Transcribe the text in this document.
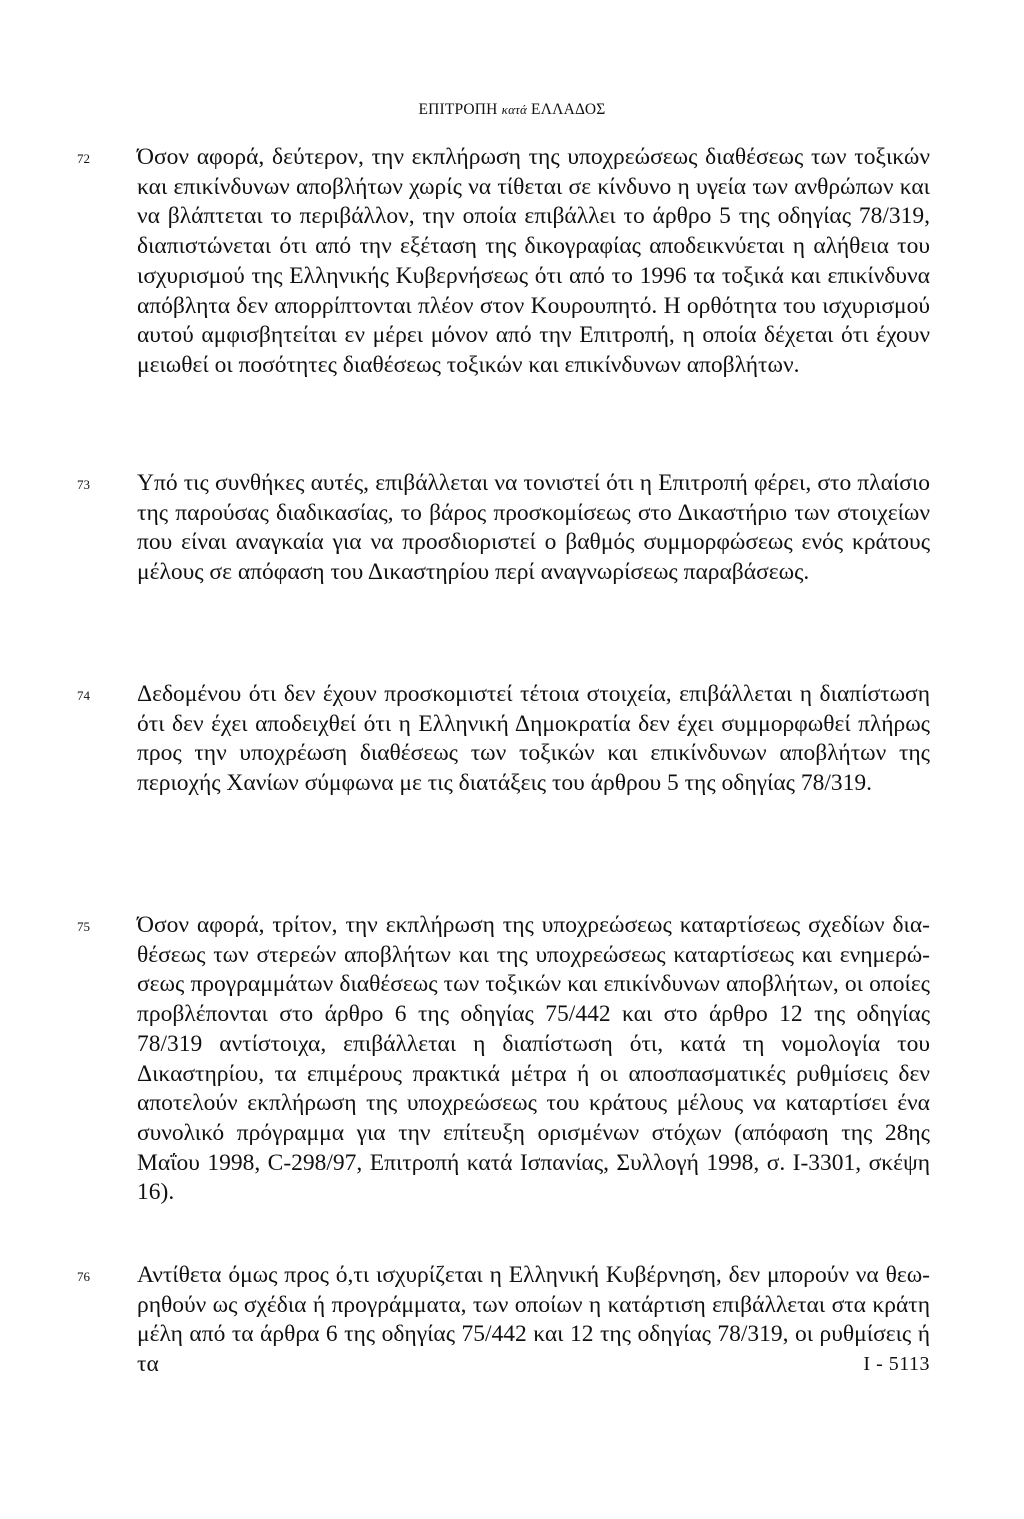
ΕΠΙΤΡΟΠΗ κατά ΕΛΛΑΔΟΣ
72 Όσον αφορά, δεύτερον, την εκπλήρωση της υποχρεώσεως διαθέσεως των τοξικών και επικίνδυνων αποβλήτων χωρίς να τίθεται σε κίνδυνο η υγεία των ανθρώπων και να βλάπτεται το περιβάλλον, την οποία επιβάλλει το άρθρο 5 της οδηγίας 78/319, διαπιστώνεται ότι από την εξέταση της δικογραφίας αποδεικνύεται η αλήθεια του ισχυρισμού της Ελληνικής Κυβερνήσεως ότι από το 1996 τα τοξικά και επικίνδυνα απόβλητα δεν απορρίπτονται πλέον στον Κουρουπητό. Η ορθότητα του ισχυρισμού αυτού αμφισβητείται εν μέρει μόνον από την Επιτροπή, η οποία δέχεται ότι έχουν μειωθεί οι ποσότητες διαθέσεως τοξικών και επικίνδυνων αποβλήτων.
73 Υπό τις συνθήκες αυτές, επιβάλλεται να τονιστεί ότι η Επιτροπή φέρει, στο πλαίσιο της παρούσας διαδικασίας, το βάρος προσκομίσεως στο Δικαστήριο των στοιχείων που είναι αναγκαία για να προσδιοριστεί ο βαθμός συμμορφώσεως ενός κράτους μέλους σε απόφαση του Δικαστηρίου περί αναγνωρίσεως παραβάσεως.
74 Δεδομένου ότι δεν έχουν προσκομιστεί τέτοια στοιχεία, επιβάλλεται η διαπίστωση ότι δεν έχει αποδειχθεί ότι η Ελληνική Δημοκρατία δεν έχει συμμορφωθεί πλήρως προς την υποχρέωση διαθέσεως των τοξικών και επικίνδυνων αποβλήτων της περιοχής Χανίων σύμφωνα με τις διατάξεις του άρθρου 5 της οδηγίας 78/319.
75 Όσον αφορά, τρίτον, την εκπλήρωση της υποχρεώσεως καταρτίσεως σχεδίων διαθέσεως των στερεών αποβλήτων και της υποχρεώσεως καταρτίσεως και ενημερώσεως προγραμμάτων διαθέσεως των τοξικών και επικίνδυνων αποβλήτων, οι οποίες προβλέπονται στο άρθρο 6 της οδηγίας 75/442 και στο άρθρο 12 της οδηγίας 78/319 αντίστοιχα, επιβάλλεται η διαπίστωση ότι, κατά τη νομολογία του Δικαστηρίου, τα επιμέρους πρακτικά μέτρα ή οι αποσπασματικές ρυθμίσεις δεν αποτελούν εκπλήρωση της υποχρεώσεως του κράτους μέλους να καταρτίσει ένα συνολικό πρόγραμμα για την επίτευξη ορισμένων στόχων (απόφαση της 28ης Μαΐου 1998, C-298/97, Επιτροπή κατά Ισπανίας, Συλλογή 1998, σ. I-3301, σκέψη 16).
76 Αντίθετα όμως προς ό,τι ισχυρίζεται η Ελληνική Κυβέρνηση, δεν μπορούν να θεωρηθούν ως σχέδια ή προγράμματα, των οποίων η κατάρτιση επιβάλλεται στα κράτη μέλη από τα άρθρα 6 της οδηγίας 75/442 και 12 της οδηγίας 78/319, οι ρυθμίσεις ή τα	I - 5113
